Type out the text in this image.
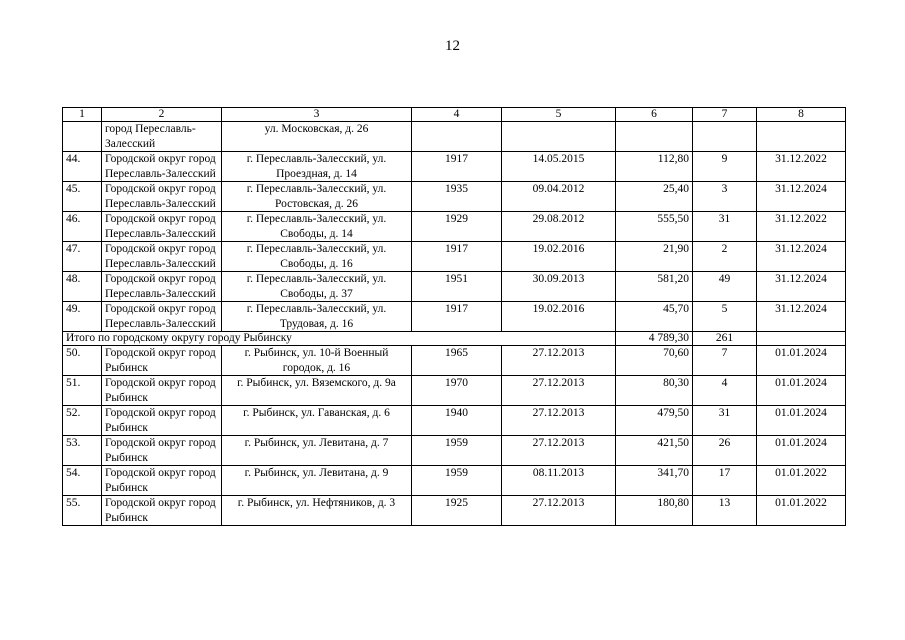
12
1	2	3	4	5	6	7	8
	город Переславль-Залесский	ул. Московская, д. 26					
44.	Городской округ город Переславль-Залесский	г. Переславль-Залесский, ул. Проездная, д. 14	1917	14.05.2015	112,80	9	31.12.2022
45.	Городской округ город Переславль-Залесский	г. Переславль-Залесский, ул. Ростовская, д. 26	1935	09.04.2012	25,40	3	31.12.2024
46.	Городской округ город Переславль-Залесский	г. Переславль-Залесский, ул. Свободы, д. 14	1929	29.08.2012	555,50	31	31.12.2022
47.	Городской округ город Переславль-Залесский	г. Переславль-Залесский, ул. Свободы, д. 16	1917	19.02.2016	21,90	2	31.12.2024
48.	Городской округ город Переславль-Залесский	г. Переславль-Залесский, ул. Свободы, д. 37	1951	30.09.2013	581,20	49	31.12.2024
49.	Городской округ город Переславль-Залесский	г. Переславль-Залесский, ул. Трудовая, д. 16	1917	19.02.2016	45,70	5	31.12.2024
Итого по городскому округу городу Рыбинску					4 789,30	261	
50.	Городской округ город Рыбинск	г. Рыбинск, ул. 10-й Военный городок, д. 16	1965	27.12.2013	70,60	7	01.01.2024
51.	Городской округ город Рыбинск	г. Рыбинск, ул. Вяземского, д. 9а	1970	27.12.2013	80,30	4	01.01.2024
52.	Городской округ город Рыбинск	г. Рыбинск, ул. Гаванская, д. 6	1940	27.12.2013	479,50	31	01.01.2024
53.	Городской округ город Рыбинск	г. Рыбинск, ул. Левитана, д. 7	1959	27.12.2013	421,50	26	01.01.2024
54.	Городской округ город Рыбинск	г. Рыбинск, ул. Левитана, д. 9	1959	08.11.2013	341,70	17	01.01.2022
55.	Городской округ город Рыбинск	г. Рыбинск, ул. Нефтяников, д. 3	1925	27.12.2013	180,80	13	01.01.2022
